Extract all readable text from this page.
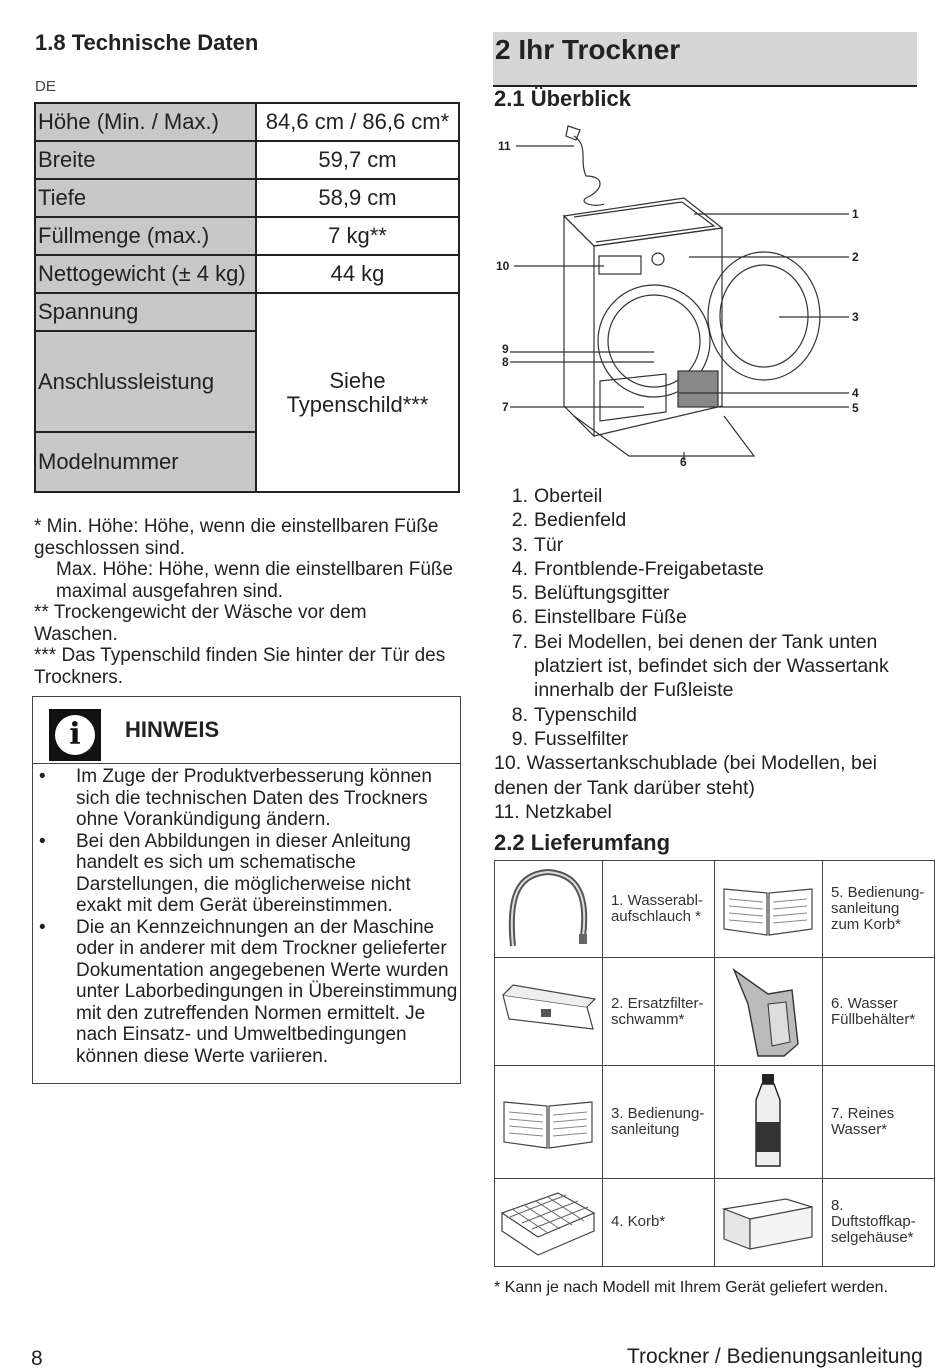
1.8 Technische Daten
DE
Höhe (Min. / Max.)	84,6 cm / 86,6 cm*
Breite	59,7 cm
Tiefe	58,9 cm
Füllmenge (max.)	7 kg**
Nettogewicht (± 4 kg)	44 kg
Spannung	Siehe Typenschild***
Anschlussleistung	
Modelnummer	

* Min. Höhe: Höhe, wenn die einstellbaren Füße geschlossen sind.

Max. Höhe: Höhe, wenn die einstellbaren Füße maximal ausgefahren sind.

** Trockengewicht der Wäsche vor dem Waschen.

*** Das Typenschild finden Sie hinter der Tür des Trockners.

i	HINWEIS
• Im Zuge der Produktverbesserung können sich die technischen Daten des Trockners ohne Vorankündigung ändern.
• Bei den Abbildungen in dieser Anleitung handelt es sich um schematische Darstellungen, die möglicherweise nicht exakt mit dem Gerät übereinstimmen.
• Die an Kennzeichnungen an der Maschine oder in anderer mit dem Trockner gelieferter Dokumentation angegebenen Werte wurden unter Laborbedingungen in Übereinstimmung mit den zutreffenden Normen ermittelt. Je nach Einsatz- und Umweltbedingungen können diese Werte variieren.
8
2 Ihr Trockner
2.1 Überblick
11
1
2
3
4
5
6
7
8
9
10
1. Oberteil
2. Bedienfeld
3. Tür
4. Frontblende-Freigabetaste
5. Belüftungsgitter
6. Einstellbare Füße
7. Bei Modellen, bei denen der Tank unten platziert ist, befindet sich der Wassertank innerhalb der Fußleiste
8. Typenschild
9. Fusselfilter
10. Wassertankschublade (bei Modellen, bei denen der Tank darüber steht)
11. Netzkabel
2.2 Lieferumfang
	1. Wasserabl-aufschlauch *		5. Bedienung-sanleitung zum Korb*

	2. Ersatzfilter-schwamm*		6. Wasser Füllbehälter*

	3. Bedienung-sanleitung		7. Reines Wasser*

	4. Korb*		8. Duftstoffkap-selgehäuse*
* Kann je nach Modell mit Ihrem Gerät geliefert werden.
Trockner / Bedienungsanleitung
